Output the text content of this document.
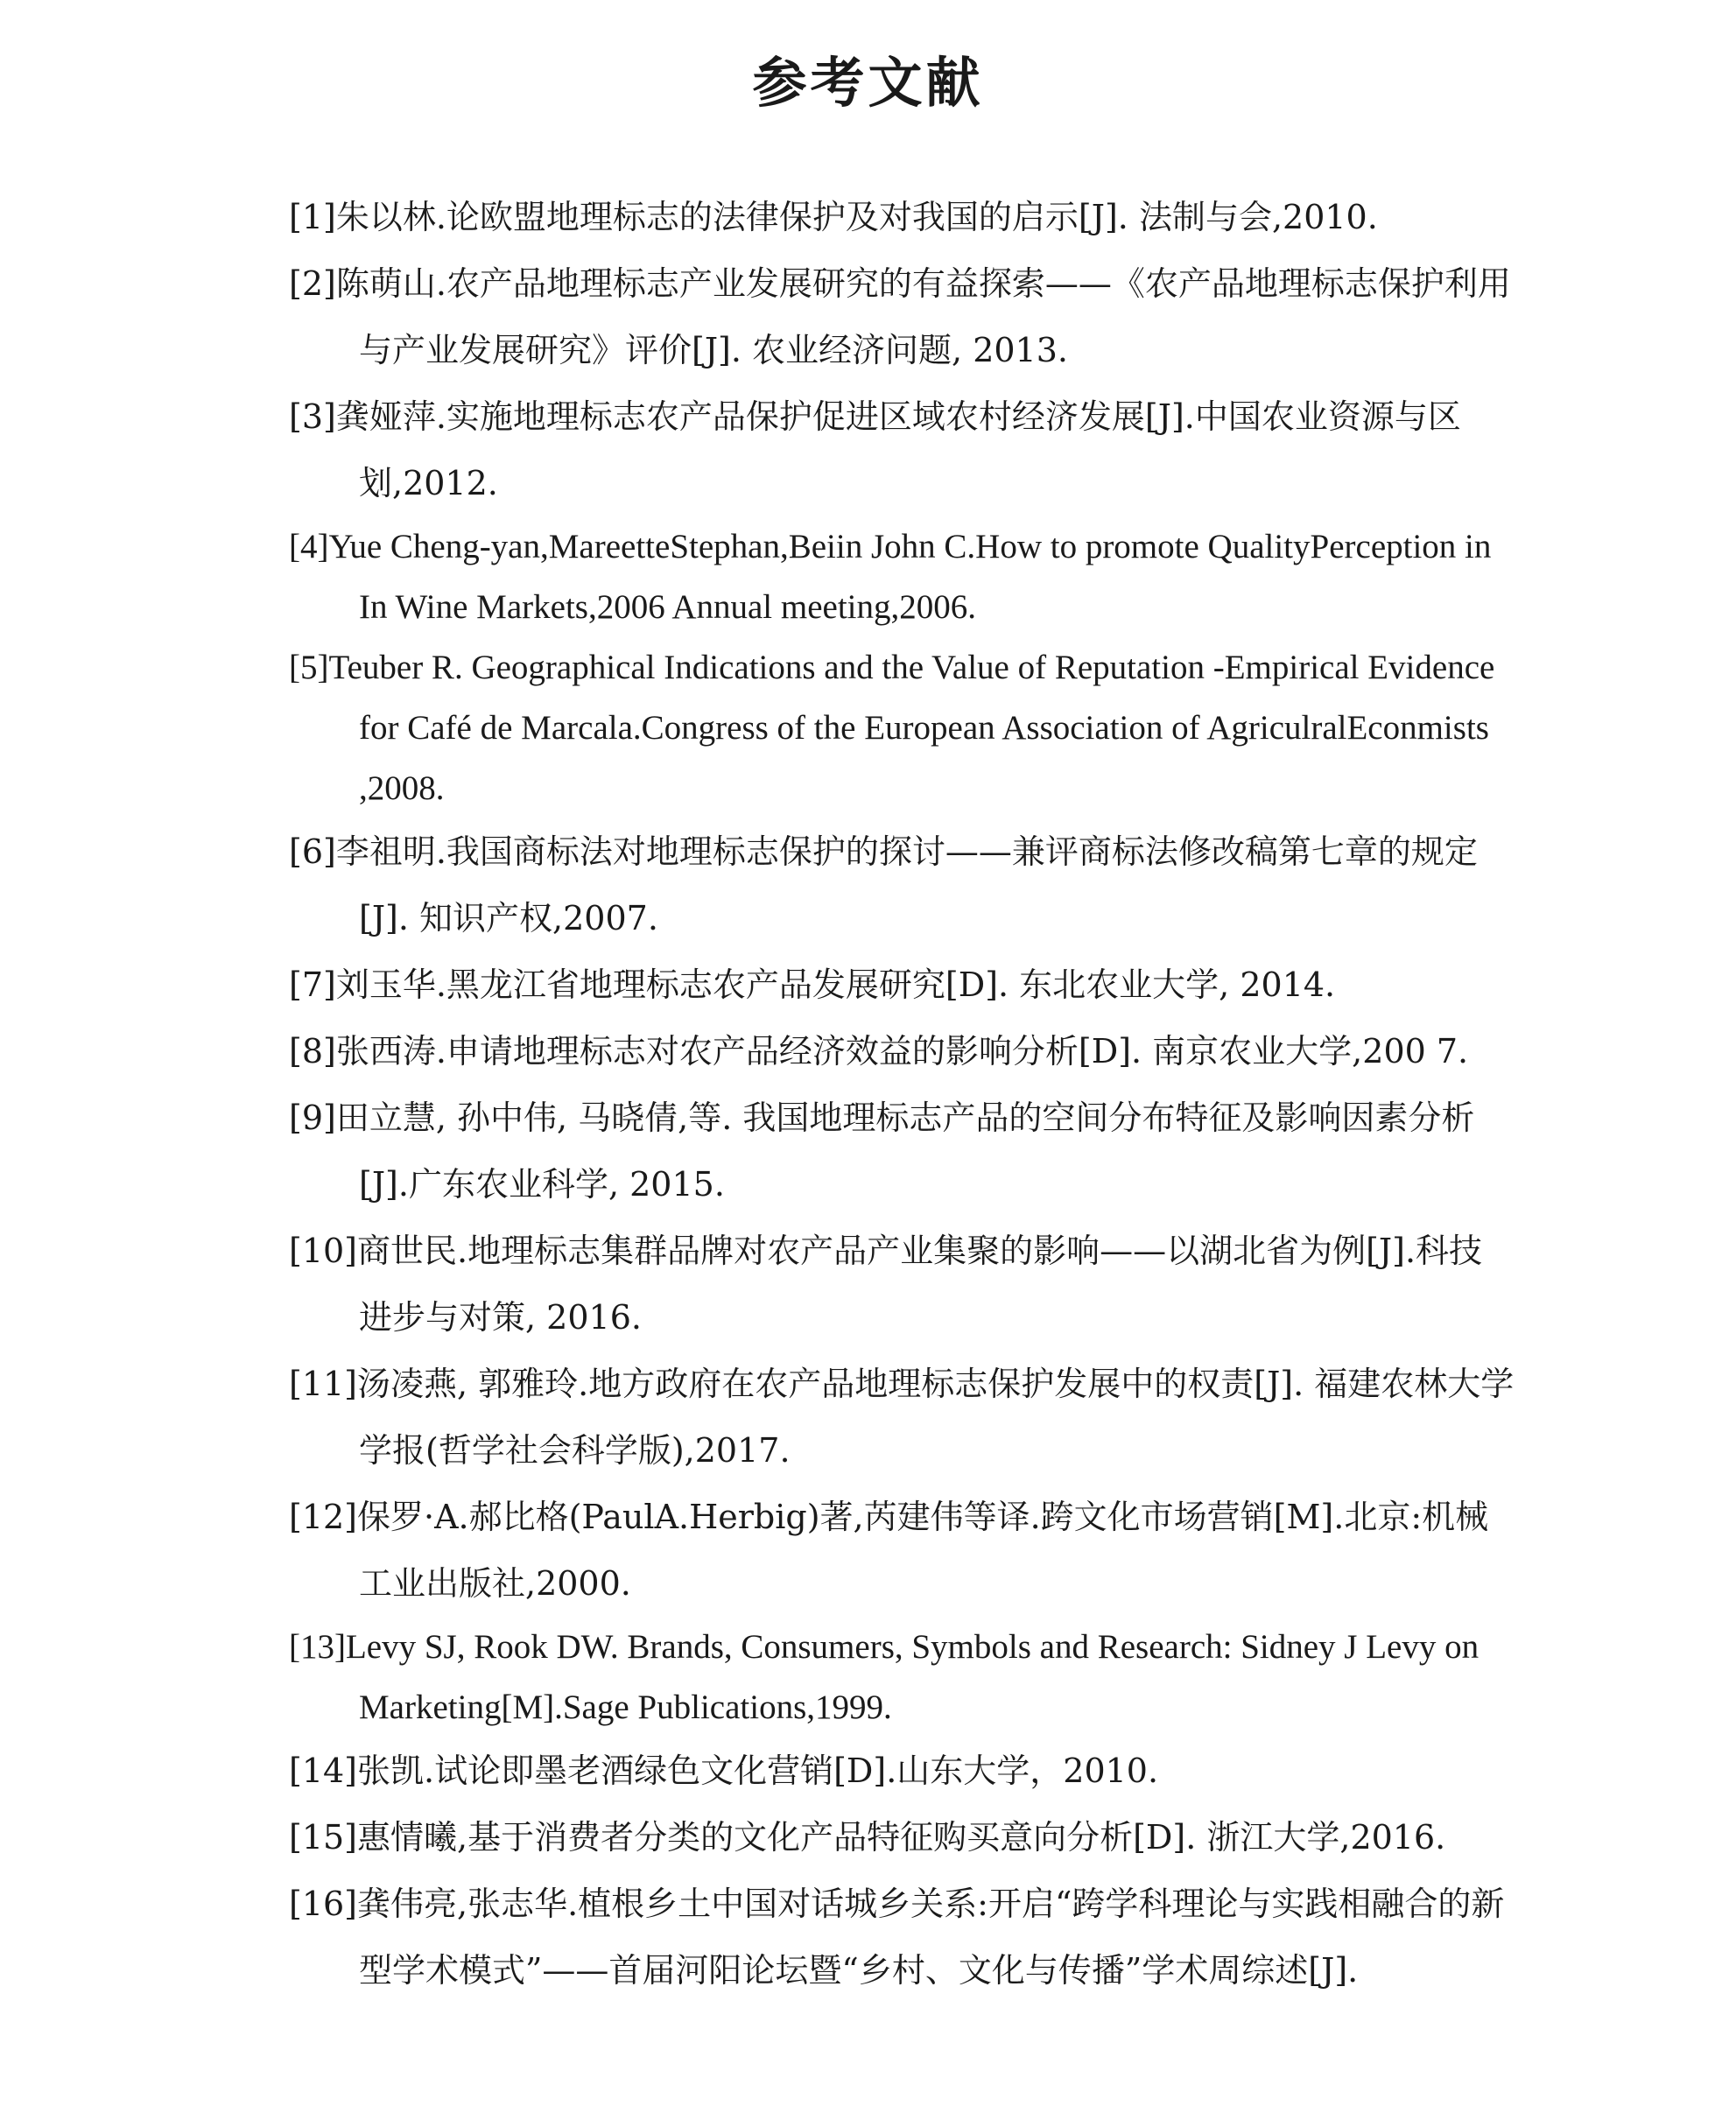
参考文献
[1]朱以林.论欧盟地理标志的法律保护及对我国的启示[J]. 法制与会,2010.
[2]陈萌山.农产品地理标志产业发展研究的有益探索——《农产品地理标志保护利用与产业发展研究》评价[J]. 农业经济问题, 2013.
[3]龚娅萍.实施地理标志农产品保护促进区域农村经济发展[J].中国农业资源与区划,2012.
[4]Yue Cheng-yan,MareetteStephan,Beiin John C.How to promote QualityPerception in In Wine Markets,2006 Annual meeting,2006.
[5]Teuber R. Geographical Indications and the Value of Reputation -Empirical Evidence for Café de Marcala.Congress of the European Association of AgriculralEconmists ,2008.
[6]李祖明.我国商标法对地理标志保护的探讨——兼评商标法修改稿第七章的规定[J]. 知识产权,2007.
[7]刘玉华.黑龙江省地理标志农产品发展研究[D]. 东北农业大学, 2014.
[8]张西涛.申请地理标志对农产品经济效益的影响分析[D]. 南京农业大学,200 7.
[9]田立慧, 孙中伟, 马晓倩,等. 我国地理标志产品的空间分布特征及影响因素分析[J].广东农业科学, 2015.
[10]商世民.地理标志集群品牌对农产品产业集聚的影响——以湖北省为例[J].科技进步与对策, 2016.
[11]汤凌燕, 郭雅玲.地方政府在农产品地理标志保护发展中的权责[J]. 福建农林大学学报(哲学社会科学版),2017.
[12]保罗·A.郝比格(PaulA.Herbig)著,芮建伟等译.跨文化市场营销[M].北京:机械工业出版社,2000.
[13]Levy SJ, Rook DW. Brands, Consumers, Symbols and Research: Sidney J Levy on Marketing[M].Sage Publications,1999.
[14]张凯.试论即墨老酒绿色文化营销[D].山东大学，2010.
[15]惠情曦,基于消费者分类的文化产品特征购买意向分析[D]. 浙江大学,2016.
[16]龚伟亮,张志华.植根乡土中国对话城乡关系:开启“跨学科理论与实践相融合的新型学术模式”——首届河阳论坛暨“乡村、文化与传播”学术周综述[J].
